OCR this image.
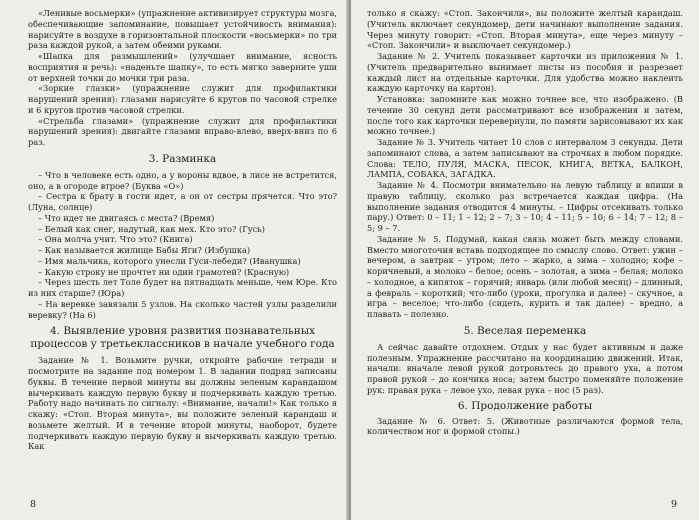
«Ленивые восьмерки» (упражнение активизирует структуры мозга, обеспечивающие запоминание, повышает устойчивость внимания): нарисуйте в воздухе в горизонтальной плоскости «восьмерки» по три раза каждой рукой, а затем обеими руками.

«Шапка для размышлений» (улучшает внимание, ясность восприятия и речь): «наденьте шапку», то есть мягко заверните уши от верхней точки до мочки три раза.

«Зоркие глазки» (упражнение служит для профилактики нарушений зрения): глазами нарисуйте 6 кругов по часовой стрелке и 6 кругов против часовой стрелки.

«Стрельба глазами» (упражнение служит для профилактики нарушений зрения): двигайте глазами вправо-влево, вверх-вниз по 6 раз.

3. Разминка

– Что в человеке есть одно, а у вороны вдвое, в лисе не встретится, оно, а в огороде втрое? (Буква «О»)

– Сестра к брату в гости идет, а он от сестры прячется. Что это? (Луна, солнце)

– Что идет не двигаясь с места? (Время)

– Белый как снег, надутый, как мех. Кто это? (Гусь)

– Она молча учит. Что это? (Книга)

– Как называется жилище Бабы Яги? (Избушка)

– Имя мальчика, которого унесли Гуси-лебеди? (Иванушка)

– Какую строку не прочтет ни один грамотей? (Красную)

– Через шесть лет Толе будет на пятнадцать меньше, чем Юре. Кто из них старше? (Юра)

– На веревке завязали 5 узлов. На сколько частей узлы разделили веревку? (На 6)

4. Выявление уровня развития познавательных процессов у третьеклассников в начале учебного года

Задание № 1. Возьмите ручки, откройте рабочие тетради и посмотрите на задание под номером 1. В задании подряд записаны буквы. В течение первой минуты вы должны зеленым карандашом вычеркивать каждую первую букву и подчеркивать каждую третью. Работу надо начинать по сигналу: «Внимание, начали!» Как только я скажу: «Стоп. Вторая минута», вы положите зеленый карандаш и возьмете желтый. И в течение второй минуты, наоборот, будете подчеркивать каждую первую букву и вычеркивать каждую третью. Как

8

только я скажу: «Стоп. Закончили», вы положите желтый карандаш. (Учитель включает секундомер, дети начинают выполнение задания. Через минуту говорит: «Стоп. Вторая минута», еще через минуту – «Стоп. Закончили» и выключает секундомер.)

Задание № 2. Учитель показывает карточки из приложения № 1. (Учитель предварительно вынимает листы из пособия и разрезает каждый лист на отдельные карточки. Для удобства можно наклеить каждую карточку на картон).

Установка: запомните как можно точнее все, что изображено. (В течение 30 секунд дети рассматривают все изображения и затем, после того как карточки перевернули, по памяти зарисовывают их как можно точнее.)

Задание № 3. Учитель читает 10 слов с интервалом 3 секунды. Дети запоминают слова, а затем записывают на строчках в любом порядке. Слова: ТЕЛО, ПУЛЯ, МАСКА, ПЕСОК, КНИГА, ВЕТКА, БАЛКОН, ЛАМПА, СОБАКА, ЗАГАДКА.

Задание № 4. Посмотри внимательно на левую таблицу и впиши в правую таблицу, сколько раз встречается каждая цифра. (На выполнение задания отводится 4 минуты. – Цифры отсекивать только пару.) Ответ: 0 – 11; 1 – 12; 2 – 7; 3 – 10; 4 – 11; 5 – 10; 6 – 14; 7 – 12; 8 – 5; 9 – 7.

Задание № 5. Подумай, какая связь может быть между словами. Вместо многоточия вставь подходящее по смыслу слово. Ответ: ужин – вечером, а завтрак – утром; лето – жарко, а зима – холодно; кофе – коричневый, а молоко – белое; осень – золотая, а зима – белая; молоко – холодное, а кипяток – горячий; январь (или любой месяц) – длинный, а февраль – короткий; что-либо (уроки, прогулка и далее) – скучное, а игра – веселое; что-либо (сидеть, курить и так далее) – вредно, а плавать – полезно.

5. Веселая переменка

А сейчас давайте отдохнем. Отдых у нас будет активным и даже полезным. Упражнение рассчитано на координацию движений. Итак, начали: вначале левой рукой дотроньтесь до правого уха, а потом правой рукой – до кончика носа; затем быстро поменяйте положение рук: правая рука – левое ухо, левая рука – нос (5 раз).

6. Продолжение работы

Задание № 6. Ответ: 5. (Животные различаются формой тела, количеством ног и формой стопы.)

9
